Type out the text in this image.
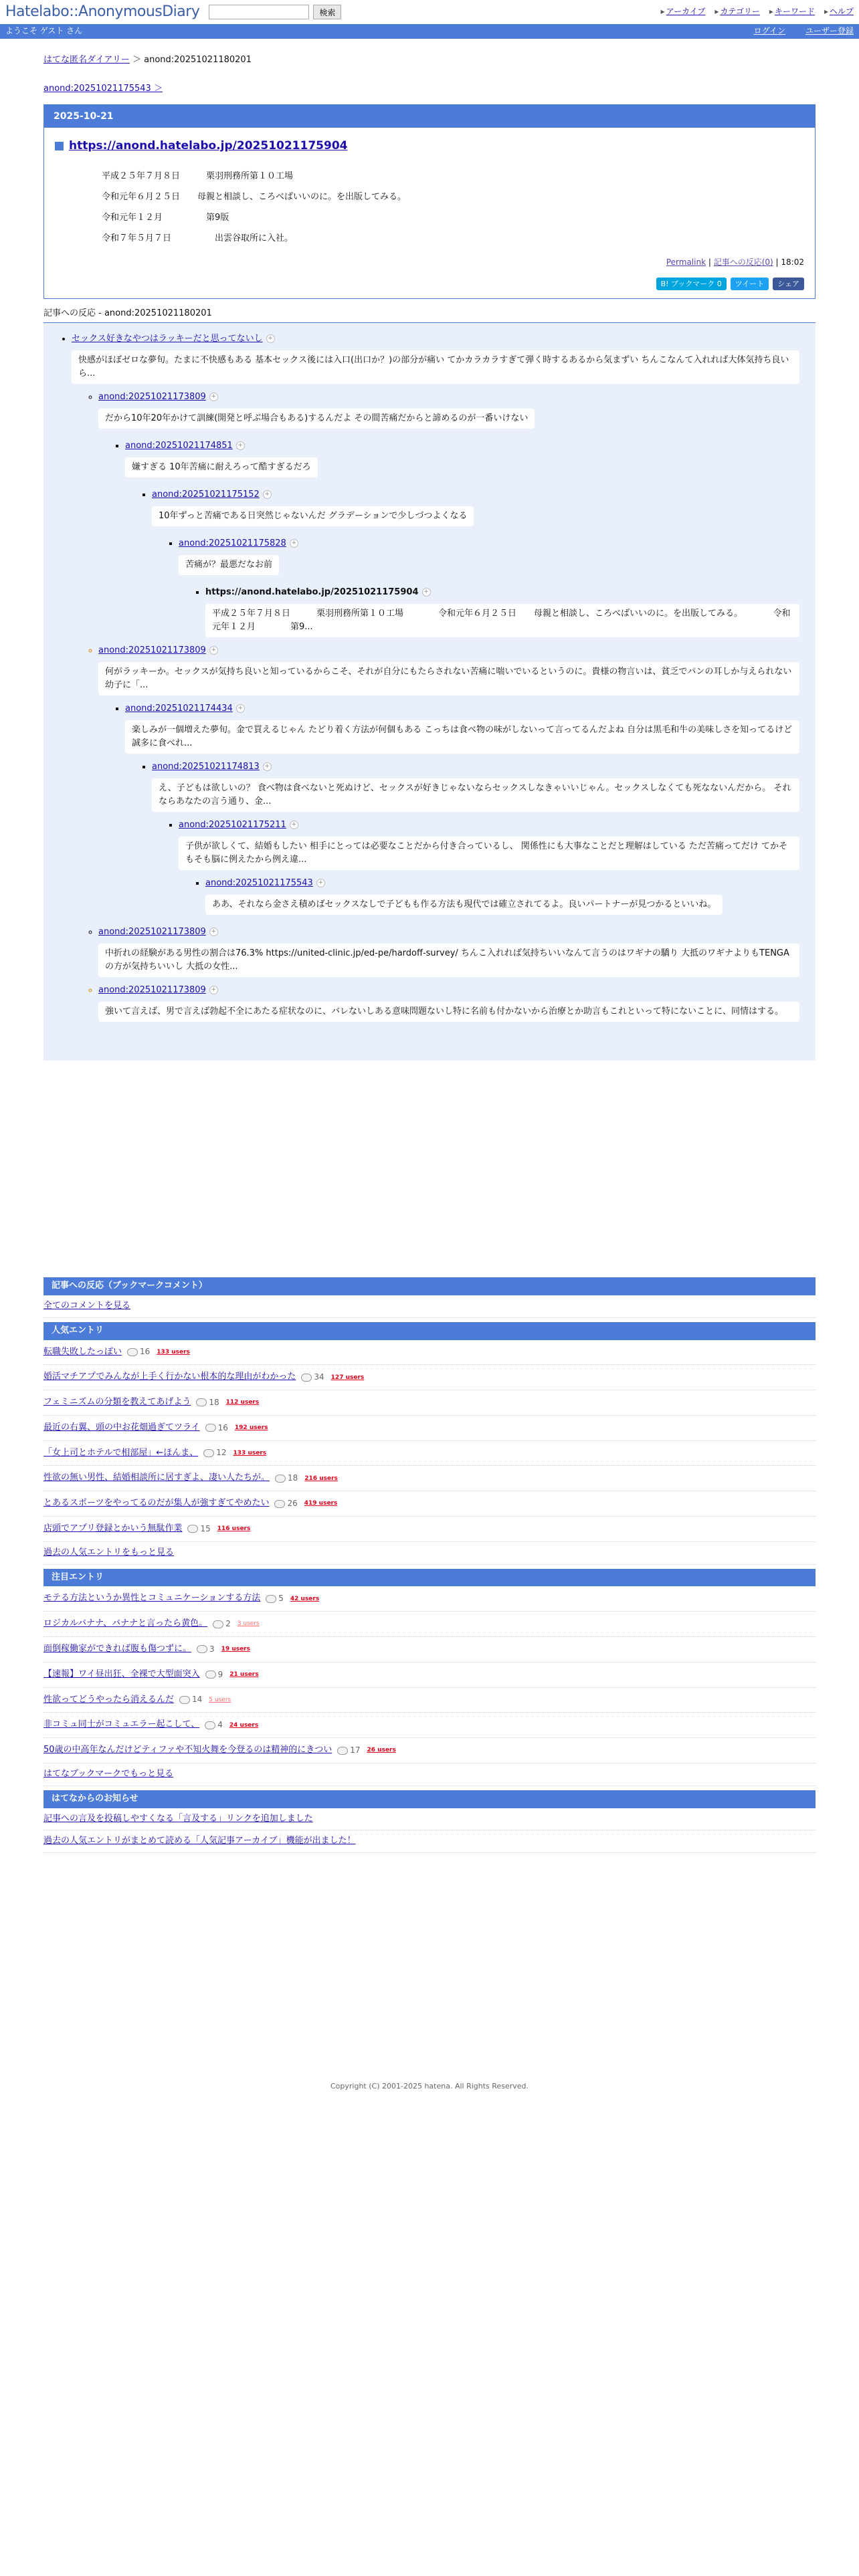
Hatelabo::AnonymousDiary	検索	▸ アーカイブ	▸ カテゴリー	▸ キーワード	▸ ヘルプ
ようこそ ゲスト さん	ログイン	ユーザー登録
はてな匿名ダイアリー ＞ anond:20251021180201
anond:20251021175543 ＞
2025-10-21
https://anond.hatelabo.jp/20251021175904

平成２５年７月８日　　　栗羽刑務所第１０工場

令和元年６月２５日　　母親と相談し、ころべばいいのに。を出版してみる。

令和元年１２月　　　　　第9版

令和７年５月７日　　　　　出雲谷取所に入社。

Permalink | 記事への反応(0) | 18:02
B! ブックマーク 0	ツイート	シェア
記事への反応 - anond:20251021180201
• セックス好きなやつはラッキーだと思ってないし +
快感がほぼゼロな夢旬。たまに不快感もある 基本セックス後には入口(出口か？)の部分が痛い てかカラカラすぎて弾く時するあるから気まずい ちんこなんて入れれば大体気持ち良いら...
◦ anond:20251021173809 +
だから10年20年かけて訓練(開発と呼ぶ場合もある)するんだよ その間苦痛だからと諦めるのが一番いけない
▪ anond:20251021174851 +
嫌すぎる 10年苦痛に耐えろって酷すぎるだろ
▪ anond:20251021175152 +
10年ずっと苦痛である日突然じゃないんだ グラデーションで少しづつよくなる
▪ anond:20251021175828 +
苦痛が？最悪だなお前
▪ https://anond.hatelabo.jp/20251021175904 +
平成２５年７月８日　　　栗羽刑務所第１０工場　　　　令和元年６月２５日　　母親と相談し、ころべばいいのに。を出版してみる。　　　　令和元年１２月　　　　第9...
◦ anond:20251021173809 +
何がラッキーか。セックスが気持ち良いと知っているからこそ、それが自分にもたらされない苦痛に喘いでいるというのに。貴様の物言いは、貧乏でパンの耳しか与えられない幼子に「...
▪ anond:20251021174434 +
楽しみが一個増えた夢旬。金で買えるじゃん たどり着く方法が何個もある こっちは食べ物の味がしないって言ってるんだよね 自分は黒毛和牛の美味しさを知ってるけど誠多に食べれ...
▪ anond:20251021174813 +
え、子どもは欲しいの？ 食べ物は食べないと死ぬけど、セックスが好きじゃないならセックスしなきゃいいじゃん。セックスしなくても死なないんだから。 それならあなたの言う通り、金...
▪ anond:20251021175211 +
子供が欲しくて、結婚もしたい 相手にとっては必要なことだから付き合っているし、 関係性にも大事なことだと理解はしている ただ苦痛ってだけ てかそもそも脳に例えたから例え違...
▪ anond:20251021175543 +
ああ、それなら金さえ積めばセックスなしで子どもも作る方法も現代では確立されてるよ。良いパートナーが見つかるといいね。
◦ anond:20251021173809 +
中折れの経験がある男性の割合は76.3% https://united-clinic.jp/ed-pe/hardoff-survey/ ちんこ入れれば気持ちいいなんて言うのはワギナの驕り 大抵のワギナよりもTENGAの方が気持ちいいし 大抵の女性...
◦ anond:20251021173809 +
強いて言えば、男で言えば勃起不全にあたる症状なのに、バレないしある意味問題ないし特に名前も付かないから治療とか助言もこれといって特にないことに、同情はする。
記事への反応（ブックマークコメント）
全てのコメントを見る
人気エントリ
転職失敗したっぽい	16 133 users
婚活マチアプでみんなが上手く行かない根本的な理由がわかった	34 127 users
フェミニズムの分類を教えてあげよう	18 112 users
最近の右翼、頭の中お花畑過ぎてツライ	16 192 users
「女上司とホテルで相部屋」←ほんま、	12 133 users
性欲の無い男性、結婚相談所に居すぎよ、凄い人たちが。	18 216 users
とあるスポーツをやってるのだが集人が強すぎてやめたい	26 419 users
店頭でアプリ登録とかいう無駄作業	15 116 users
過去の人気エントリをもっと見る
注目エントリ
モテる方法というか異性とコミュニケーションする方法	5 42 users
ロジカルバナナ、バナナと言ったら黄色。	2 3 users
面倒稼働家ができれば腹も傷つずに。	3 19 users
【速報】ワイ昼出狂、全裸で大型面突入	9 21 users
性欲ってどうやったら消えるんだ	14 5 users
非コミュ同士がコミュエラー起こして、	4 24 users
50歳の中高年なんだけどティファや不知火舞を今登るのは精神的にきつい	17 26 users
はてなブックマークでもっと見る
はてなからのお知らせ
記事への言及を投稿しやすくなる「言及する」リンクを追加しました
過去の人気エントリがまとめて読める「人気記事アーカイブ」機能が出ました！
Copyright (C) 2001-2025 hatena. All Rights Reserved.
